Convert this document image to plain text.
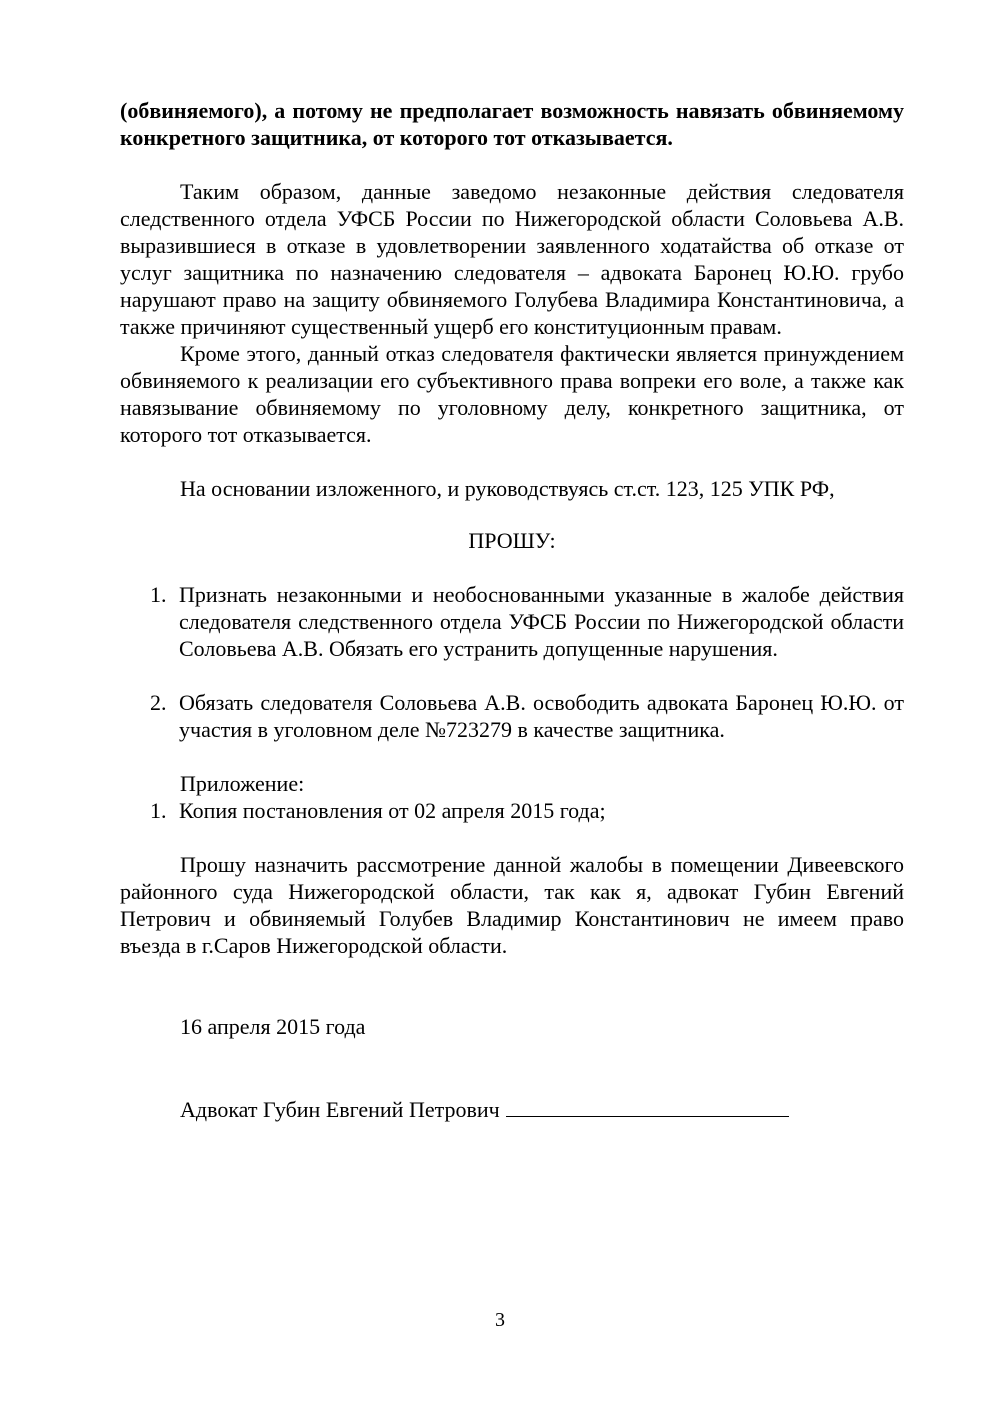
(обвиняемого), а потому не предполагает возможность навязать обвиняемому конкретного защитника, от которого тот отказывается.

Таким образом, данные заведомо незаконные действия следователя следственного отдела УФСБ России по Нижегородской области Соловьева А.В. выразившиеся в отказе в удовлетворении заявленного ходатайства об отказе от услуг защитника по назначению следователя – адвоката Баронец Ю.Ю. грубо нарушают право на защиту обвиняемого Голубева Владимира Константиновича, а также причиняют существенный ущерб его конституционным правам.

Кроме этого, данный отказ следователя фактически является принуждением обвиняемого к реализации его субъективного права вопреки его воле, а также как навязывание обвиняемому по уголовному делу, конкретного защитника, от которого тот отказывается.

На основании изложенного, и руководствуясь ст.ст. 123, 125 УПК РФ,

ПРОШУ:

1. Признать незаконными и необоснованными указанные в жалобе действия следователя следственного отдела УФСБ России по Нижегородской области Соловьева А.В. Обязать его устранить допущенные нарушения.
2. Обязать следователя Соловьева А.В. освободить адвоката Баронец Ю.Ю. от участия в уголовном деле №723279 в качестве защитника.

Приложение:

1. Копия постановления от 02 апреля 2015 года;

Прошу назначить рассмотрение данной жалобы в помещении Дивеевского районного суда Нижегородской области, так как я, адвокат Губин Евгений Петрович и обвиняемый Голубев Владимир Константинович не имеем право въезда в г.Саров Нижегородской области.

16 апреля 2015 года

Адвокат Губин Евгений Петрович

3
